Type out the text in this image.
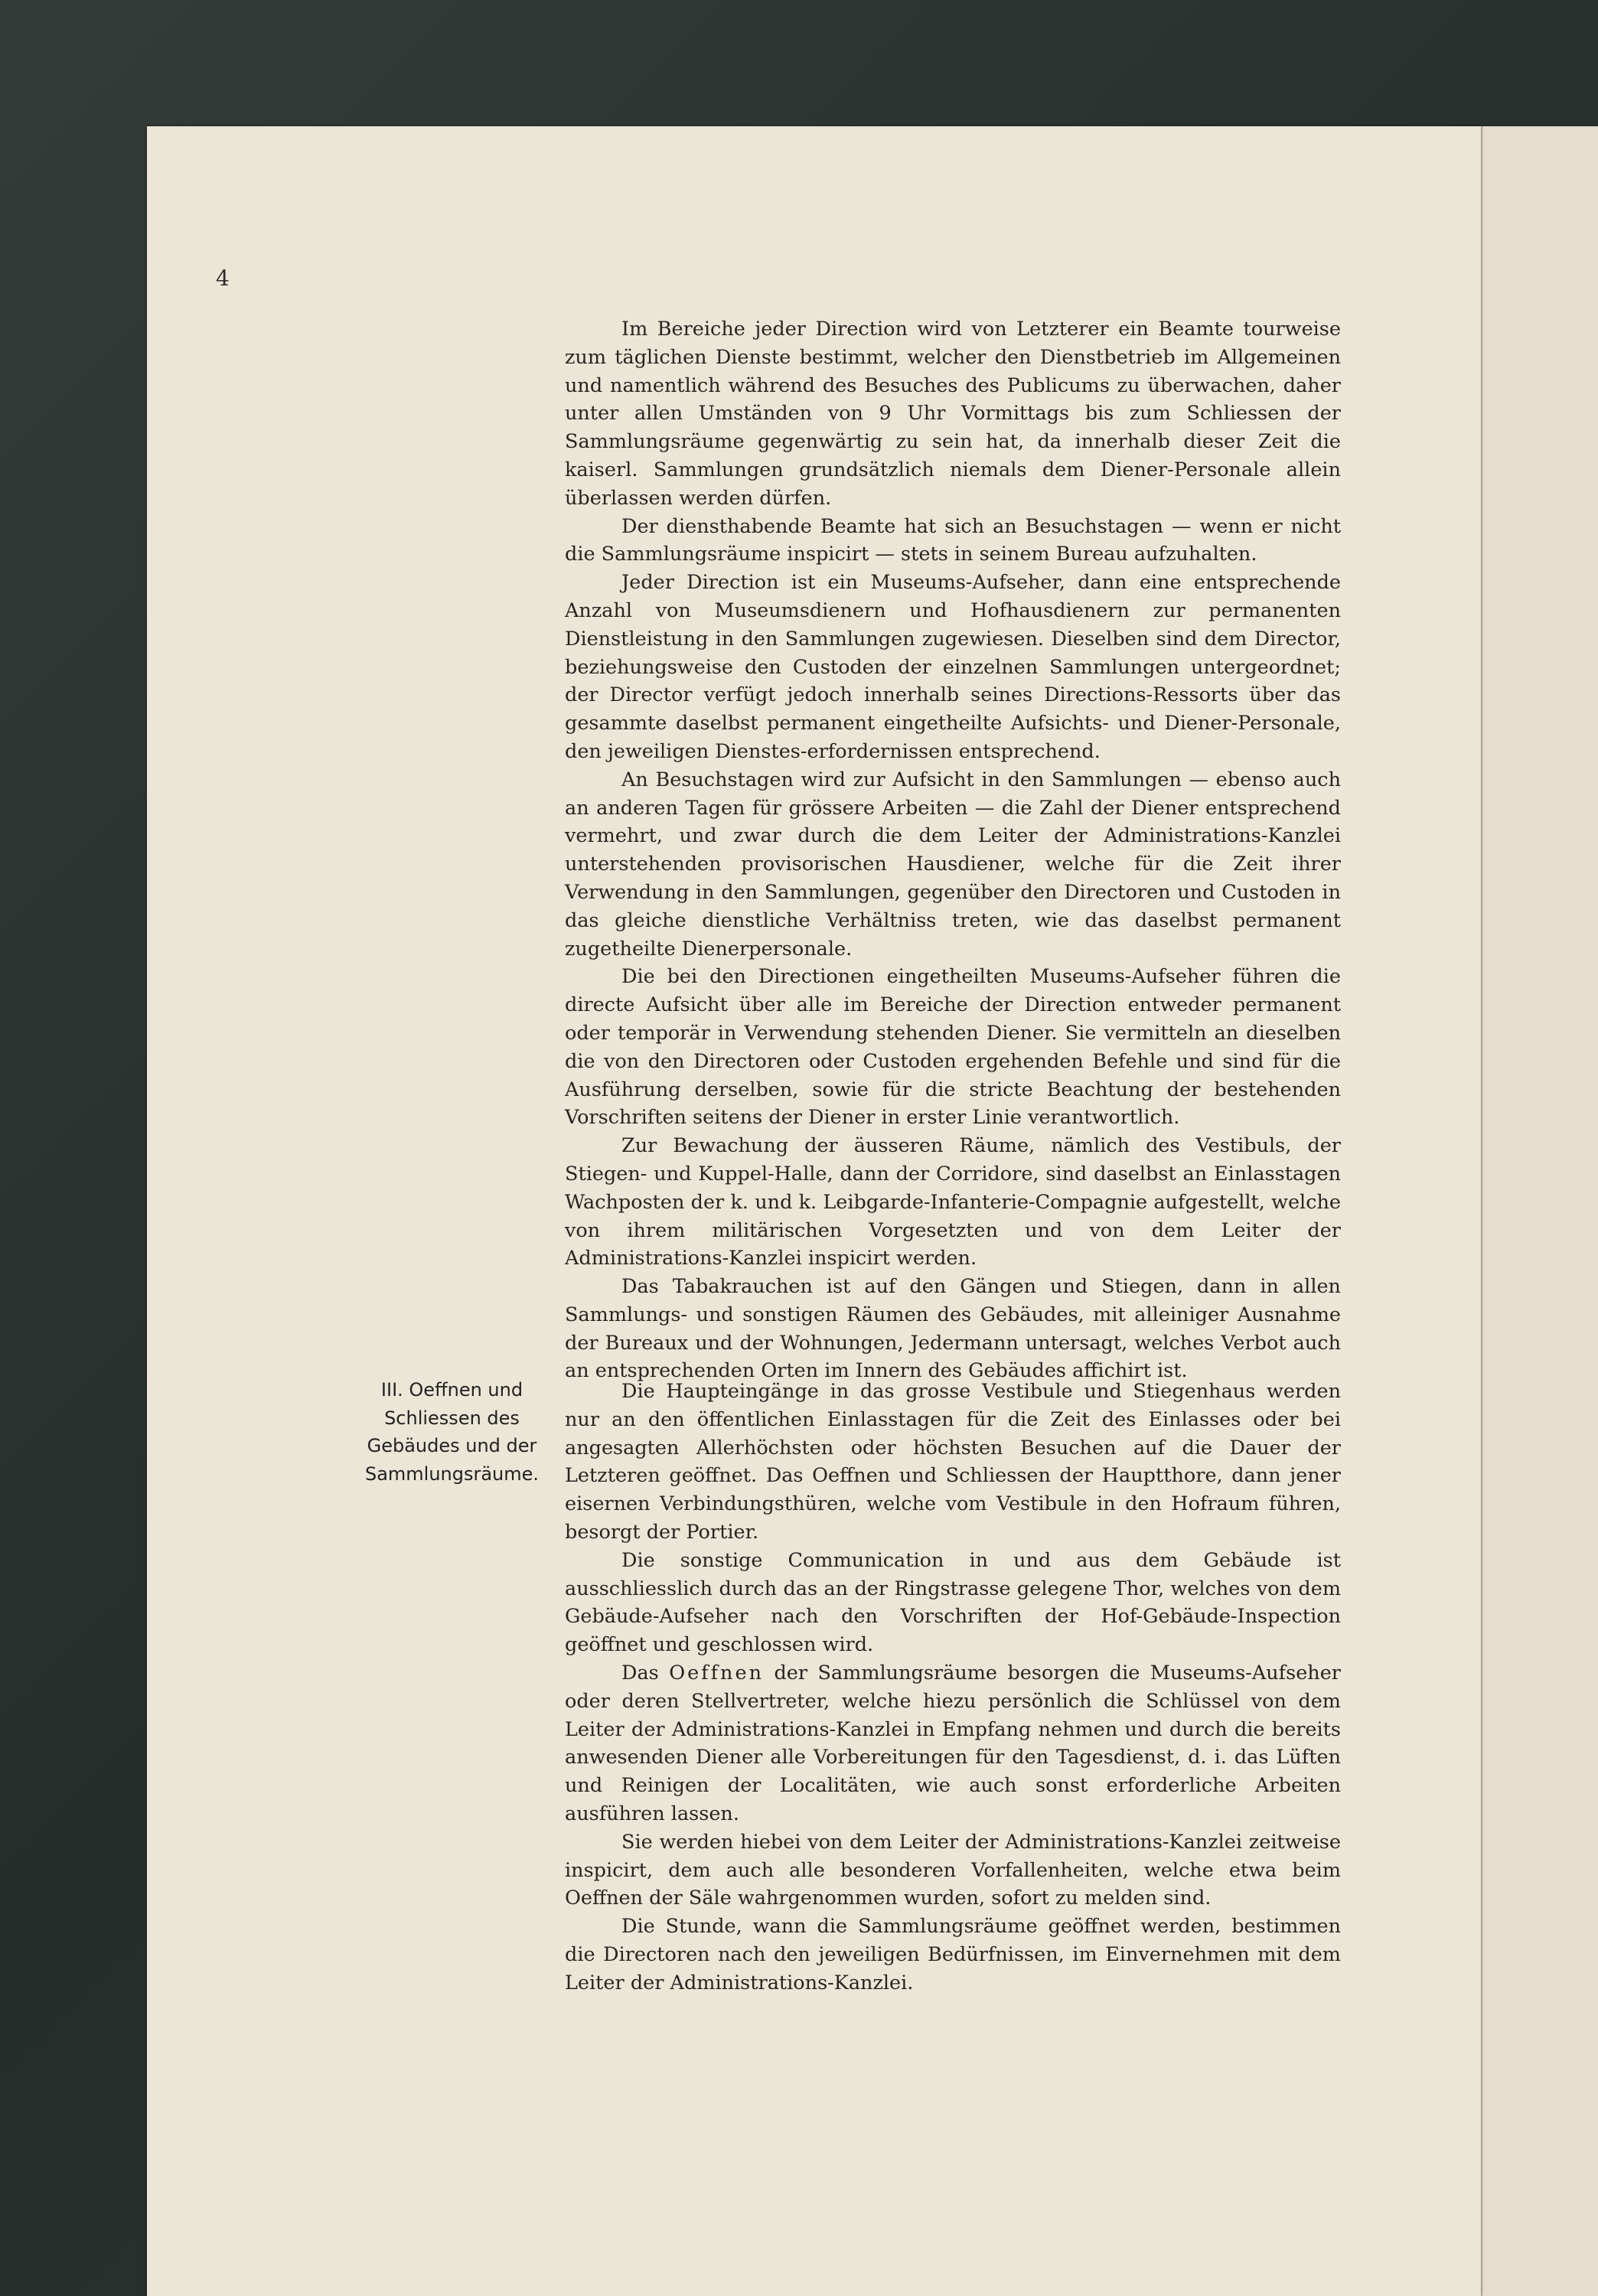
4

Im Bereiche jeder Direction wird von Letzterer ein Beamte tourweise zum täglichen Dienste bestimmt, welcher den Dienstbetrieb im Allgemeinen und namentlich während des Besuches des Publicums zu überwachen, daher unter allen Umständen von 9 Uhr Vormittags bis zum Schliessen der Sammlungsräume gegenwärtig zu sein hat, da innerhalb dieser Zeit die kaiserl. Sammlungen grundsätzlich niemals dem Diener-Personale allein überlassen werden dürfen.

Der diensthabende Beamte hat sich an Besuchstagen — wenn er nicht die Sammlungsräume inspicirt — stets in seinem Bureau aufzuhalten.

Jeder Direction ist ein Museums-Aufseher, dann eine entsprechende Anzahl von Museumsdienern und Hofhausdienern zur permanenten Dienstleistung in den Sammlungen zugewiesen. Dieselben sind dem Director, beziehungsweise den Custoden der einzelnen Sammlungen untergeordnet; der Director verfügt jedoch innerhalb seines Directions-Ressorts über das gesammte daselbst permanent eingetheilte Aufsichts- und Diener-Personale, den jeweiligen Dienstes-erfordernissen entsprechend.

An Besuchstagen wird zur Aufsicht in den Sammlungen — ebenso auch an anderen Tagen für grössere Arbeiten — die Zahl der Diener entsprechend vermehrt, und zwar durch die dem Leiter der Administrations-Kanzlei unterstehenden provisorischen Hausdiener, welche für die Zeit ihrer Verwendung in den Sammlungen, gegenüber den Directoren und Custoden in das gleiche dienstliche Verhältniss treten, wie das daselbst permanent zugetheilte Dienerpersonale.

Die bei den Directionen eingetheilten Museums-Aufseher führen die directe Aufsicht über alle im Bereiche der Direction entweder permanent oder temporär in Verwendung stehenden Diener. Sie vermitteln an dieselben die von den Directoren oder Custoden ergehenden Befehle und sind für die Ausführung derselben, sowie für die stricte Beachtung der bestehenden Vorschriften seitens der Diener in erster Linie verantwortlich.

Zur Bewachung der äusseren Räume, nämlich des Vestibuls, der Stiegen- und Kuppel-Halle, dann der Corridore, sind daselbst an Einlasstagen Wachposten der k. und k. Leibgarde-Infanterie-Compagnie aufgestellt, welche von ihrem militärischen Vorgesetzten und von dem Leiter der Administrations-Kanzlei inspicirt werden.

Das Tabakrauchen ist auf den Gängen und Stiegen, dann in allen Sammlungs- und sonstigen Räumen des Gebäudes, mit alleiniger Ausnahme der Bureaux und der Wohnungen, Jedermann untersagt, welches Verbot auch an entsprechenden Orten im Innern des Gebäudes affichirt ist.

III. Oeffnen und Schliessen des Gebäudes und der Sammlungsräume.

Die Haupteingänge in das grosse Vestibule und Stiegenhaus werden nur an den öffentlichen Einlasstagen für die Zeit des Einlasses oder bei angesagten Allerhöchsten oder höchsten Besuchen auf die Dauer der Letzteren geöffnet. Das Oeffnen und Schliessen der Hauptthore, dann jener eisernen Verbindungsthüren, welche vom Vestibule in den Hofraum führen, besorgt der Portier.

Die sonstige Communication in und aus dem Gebäude ist ausschliesslich durch das an der Ringstrasse gelegene Thor, welches von dem Gebäude-Aufseher nach den Vorschriften der Hof-Gebäude-Inspection geöffnet und geschlossen wird.

Das Oeffnen der Sammlungsräume besorgen die Museums-Aufseher oder deren Stellvertreter, welche hiezu persönlich die Schlüssel von dem Leiter der Administrations-Kanzlei in Empfang nehmen und durch die bereits anwesenden Diener alle Vorbereitungen für den Tagesdienst, d. i. das Lüften und Reinigen der Localitäten, wie auch sonst erforderliche Arbeiten ausführen lassen.

Sie werden hiebei von dem Leiter der Administrations-Kanzlei zeitweise inspicirt, dem auch alle besonderen Vorfallenheiten, welche etwa beim Oeffnen der Säle wahrgenommen wurden, sofort zu melden sind.

Die Stunde, wann die Sammlungsräume geöffnet werden, bestimmen die Directoren nach den jeweiligen Bedürfnissen, im Einvernehmen mit dem Leiter der Administrations-Kanzlei.
